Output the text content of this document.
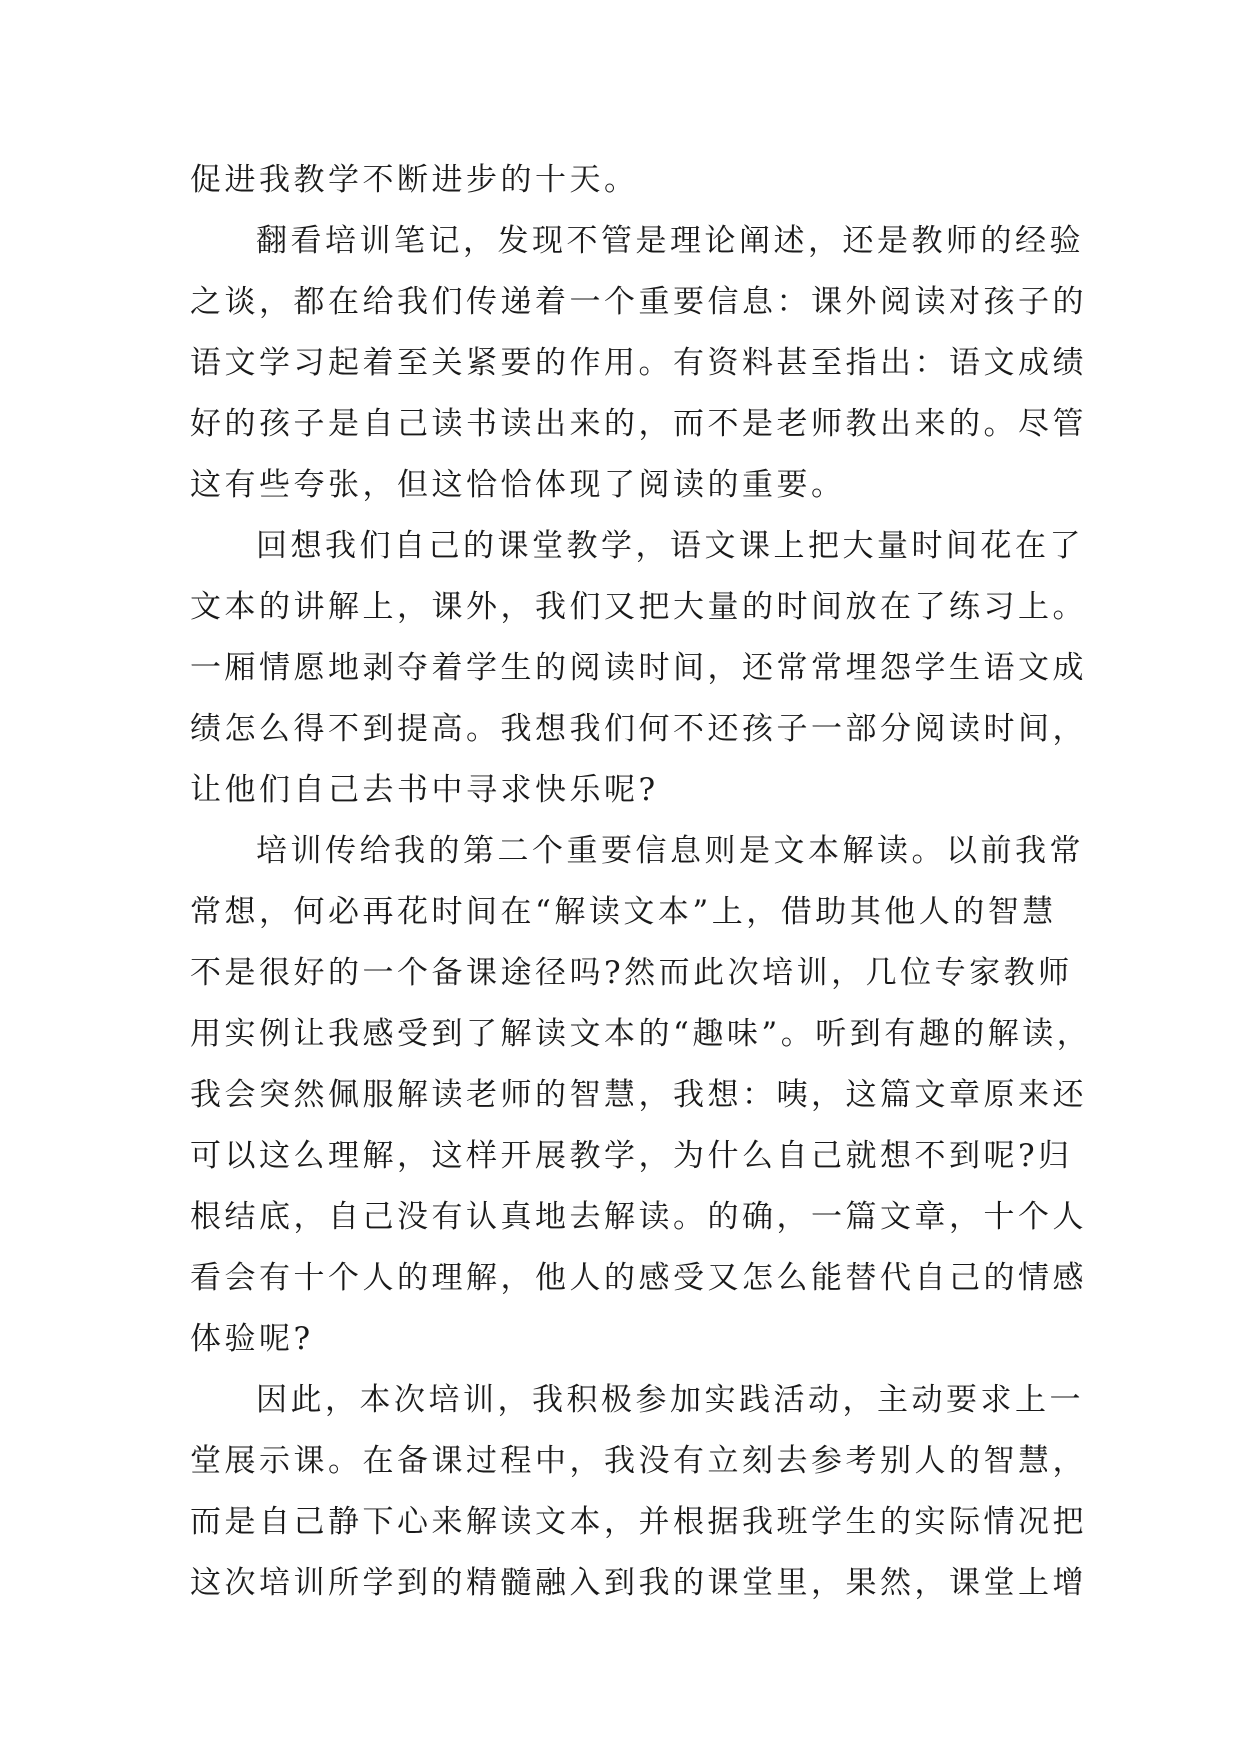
促进我教学不断进步的十天。
翻看培训笔记，发现不管是理论阐述，还是教师的经验
之谈，都在给我们传递着一个重要信息：课外阅读对孩子的
语文学习起着至关紧要的作用。有资料甚至指出：语文成绩
好的孩子是自己读书读出来的，而不是老师教出来的。尽管
这有些夸张，但这恰恰体现了阅读的重要。
回想我们自己的课堂教学，语文课上把大量时间花在了
文本的讲解上，课外，我们又把大量的时间放在了练习上。
一厢情愿地剥夺着学生的阅读时间，还常常埋怨学生语文成
绩怎么得不到提高。我想我们何不还孩子一部分阅读时间，
让他们自己去书中寻求快乐呢?
培训传给我的第二个重要信息则是文本解读。以前我常
常想，何必再花时间在“解读文本”上，借助其他人的智慧
不是很好的一个备课途径吗?然而此次培训，几位专家教师
用实例让我感受到了解读文本的“趣味”。听到有趣的解读，
我会突然佩服解读老师的智慧，我想：咦，这篇文章原来还
可以这么理解，这样开展教学，为什么自己就想不到呢?归
根结底，自己没有认真地去解读。的确，一篇文章，十个人
看会有十个人的理解，他人的感受又怎么能替代自己的情感
体验呢?
因此，本次培训，我积极参加实践活动，主动要求上一
堂展示课。在备课过程中，我没有立刻去参考别人的智慧，
而是自己静下心来解读文本，并根据我班学生的实际情况把
这次培训所学到的精髓融入到我的课堂里，果然，课堂上增
